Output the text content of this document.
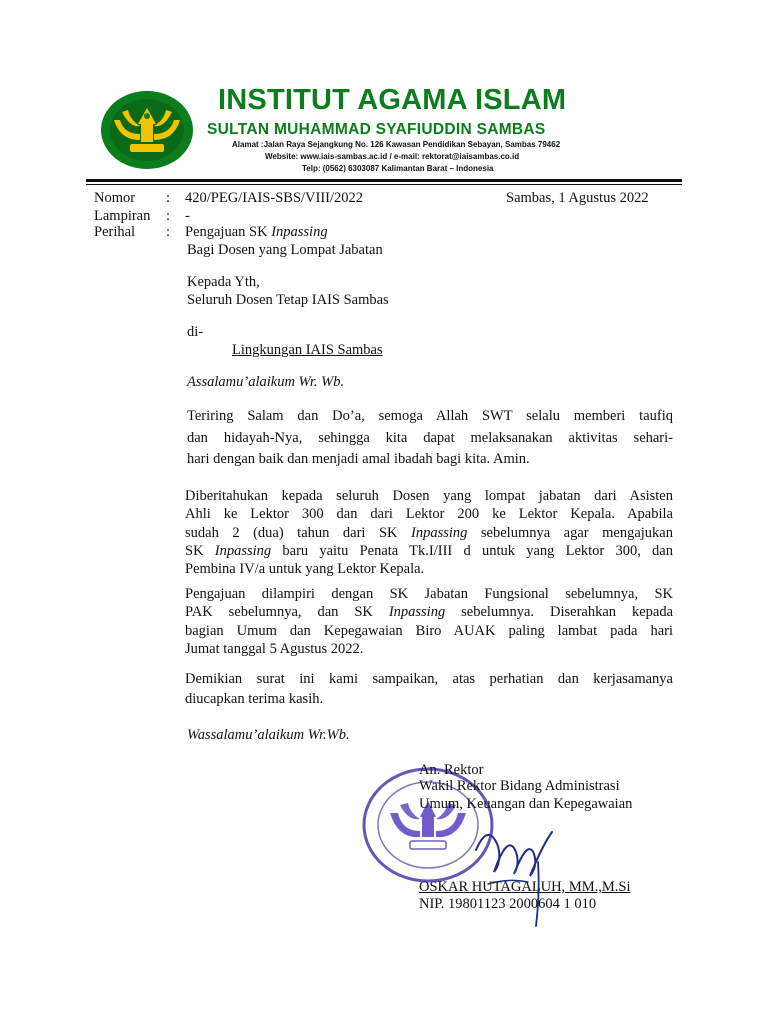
INSTITUT AGAMA ISLAM
SULTAN MUHAMMAD SYAFIUDDIN SAMBAS
Alamat :Jalan Raya Sejangkung No. 126 Kawasan Pendidikan Sebayan, Sambas 79462
Website: www.iais-sambas.ac.id / e-mail: rektorat@iaisambas.co.id
Telp: (0562) 6303087 Kalimantan Barat – Indonesia
Nomor : 420/PEG/IAIS-SBS/VIII/2022	Sambas, 1 Agustus 2022
Lampiran : -
Perihal : Pengajuan SK Inpassing
Bagi Dosen yang Lompat Jabatan
Kepada Yth,
Seluruh Dosen Tetap IAIS Sambas
di-
Lingkungan IAIS Sambas
Assalamu’alaikum Wr. Wb.
Teriring Salam dan Do’a, semoga Allah SWT selalu memberi taufiq
dan hidayah-Nya, sehingga kita dapat melaksanakan aktivitas sehari-
hari dengan baik dan menjadi amal ibadah bagi kita. Amin.
Diberitahukan kepada seluruh Dosen yang lompat jabatan dari Asisten
Ahli ke Lektor 300 dan dari Lektor 200 ke Lektor Kepala. Apabila
sudah 2 (dua) tahun dari SK Inpassing sebelumnya agar mengajukan
SK Inpassing baru yaitu Penata Tk.I/III d untuk yang Lektor 300, dan
Pembina IV/a untuk yang Lektor Kepala.
Pengajuan dilampiri dengan SK Jabatan Fungsional sebelumnya, SK
PAK sebelumnya, dan SK Inpassing sebelumnya. Diserahkan kepada
bagian Umum dan Kepegawaian Biro AUAK paling lambat pada hari
Jumat tanggal 5 Agustus 2022.
Demikian surat ini kami sampaikan, atas perhatian dan kerjasamanya
diucapkan terima kasih.
Wassalamu’alaikum Wr.Wb.
An. Rektor
Wakil Rektor Bidang Administrasi
Umum, Keuangan dan Kepegawaian
OSKAR HUTAGALUH, MM.,M.Si
NIP. 19801123 2000604 1 010
